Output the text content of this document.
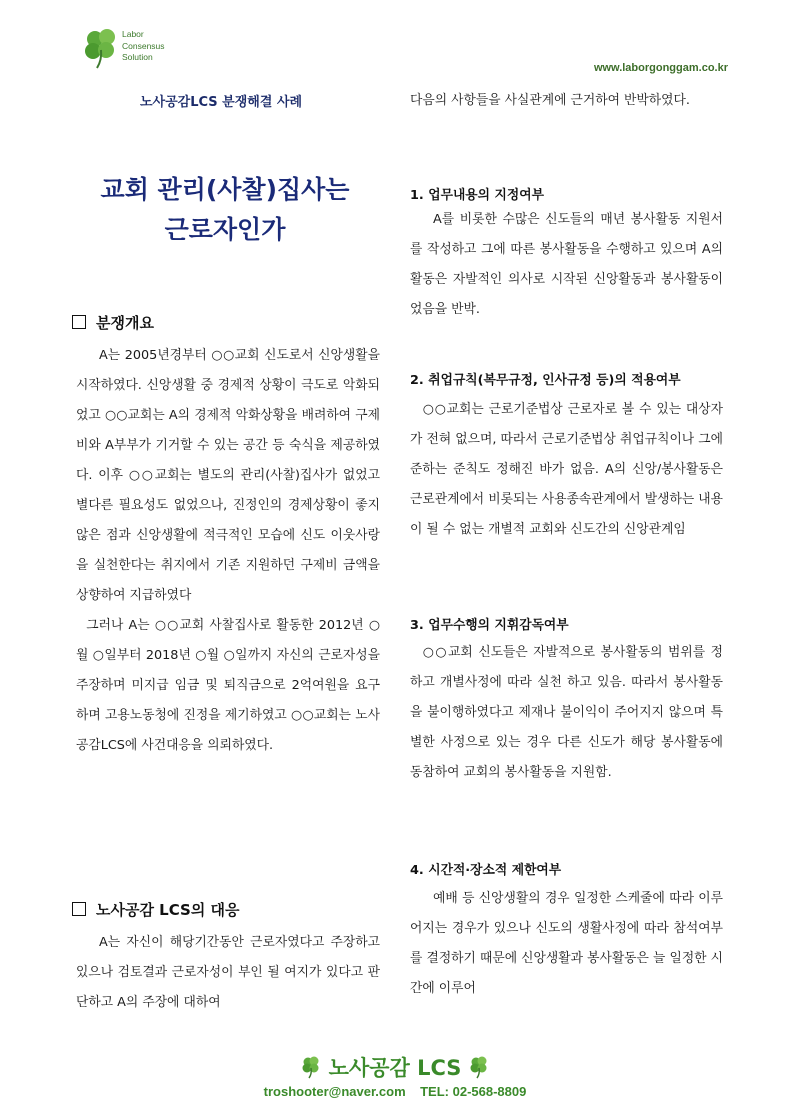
Labor
Consensus
Solution
www.laborgonggam.co.kr
노사공감LCS 분쟁해결 사례
교회 관리(사찰)집사는
근로자인가
분쟁개요

A는 2005년경부터 ○○교회 신도로서 신앙생활을 시작하였다. 신앙생활 중 경제적 상황이 극도로 악화되었고 ○○교회는 A의 경제적 악화상황을 배려하여 구제비와 A부부가 기거할 수 있는 공간 등 숙식을 제공하였다. 이후 ○○교회는 별도의 관리(사찰)집사가 없었고 별다른 필요성도 없었으나, 진정인의 경제상황이 좋지 않은 점과 신앙생활에 적극적인 모습에 신도 이웃사랑을 실천한다는 취지에서 기존 지원하던 구제비 금액을 상향하여 지급하였다

그러나 A는 ○○교회 사찰집사로 활동한 2012년 ○월 ○일부터 2018년 ○월 ○일까지 자신의 근로자성을 주장하며 미지급 임금 및 퇴직금으로 2억여원을 요구하며 고용노동청에 진정을 제기하였고 ○○교회는 노사공감LCS에 사건대응을 의뢰하였다.

노사공감 LCS의 대응

A는 자신이 해당기간동안 근로자였다고 주장하고 있으나 검토결과 근로자성이 부인 될 여지가 있다고 판단하고 A의 주장에 대하여

다음의 사항들을 사실관계에 근거하여 반박하였다.

1. 업무내용의 지정여부

A를 비롯한 수많은 신도들의 매년 봉사활동 지원서를 작성하고 그에 따른 봉사활동을 수행하고 있으며 A의 활동은 자발적인 의사로 시작된 신앙활동과 봉사활동이었음을 반박.

2. 취업규칙(복무규정, 인사규정 등)의 적용여부

○○교회는 근로기준법상 근로자로 볼 수 있는 대상자가 전혀 없으며, 따라서 근로기준법상 취업규칙이나 그에 준하는 준칙도 정해진 바가 없음. A의 신앙/봉사활동은 근로관계에서 비롯되는 사용종속관계에서 발생하는 내용이 될 수 없는 개별적 교회와 신도간의 신앙관계임

3. 업무수행의 지휘감독여부

○○교회 신도들은 자발적으로 봉사활동의 범위를 정하고 개별사정에 따라 실천 하고 있음. 따라서 봉사활동을 불이행하였다고 제재나 불이익이 주어지지 않으며 특별한 사정으로 있는 경우 다른 신도가 해당 봉사활동에 동참하여 교회의 봉사활동을 지원함.

4. 시간적·장소적 제한여부

예배 등 신앙생활의 경우 일정한 스케줄에 따라 이루어지는 경우가 있으나 신도의 생활사정에 따라 참석여부를 결정하기 때문에 신앙생활과 봉사활동은 늘 일정한 시간에 이루어

노사공감 LCS
troshooter@naver.com TEL: 02-568-8809
